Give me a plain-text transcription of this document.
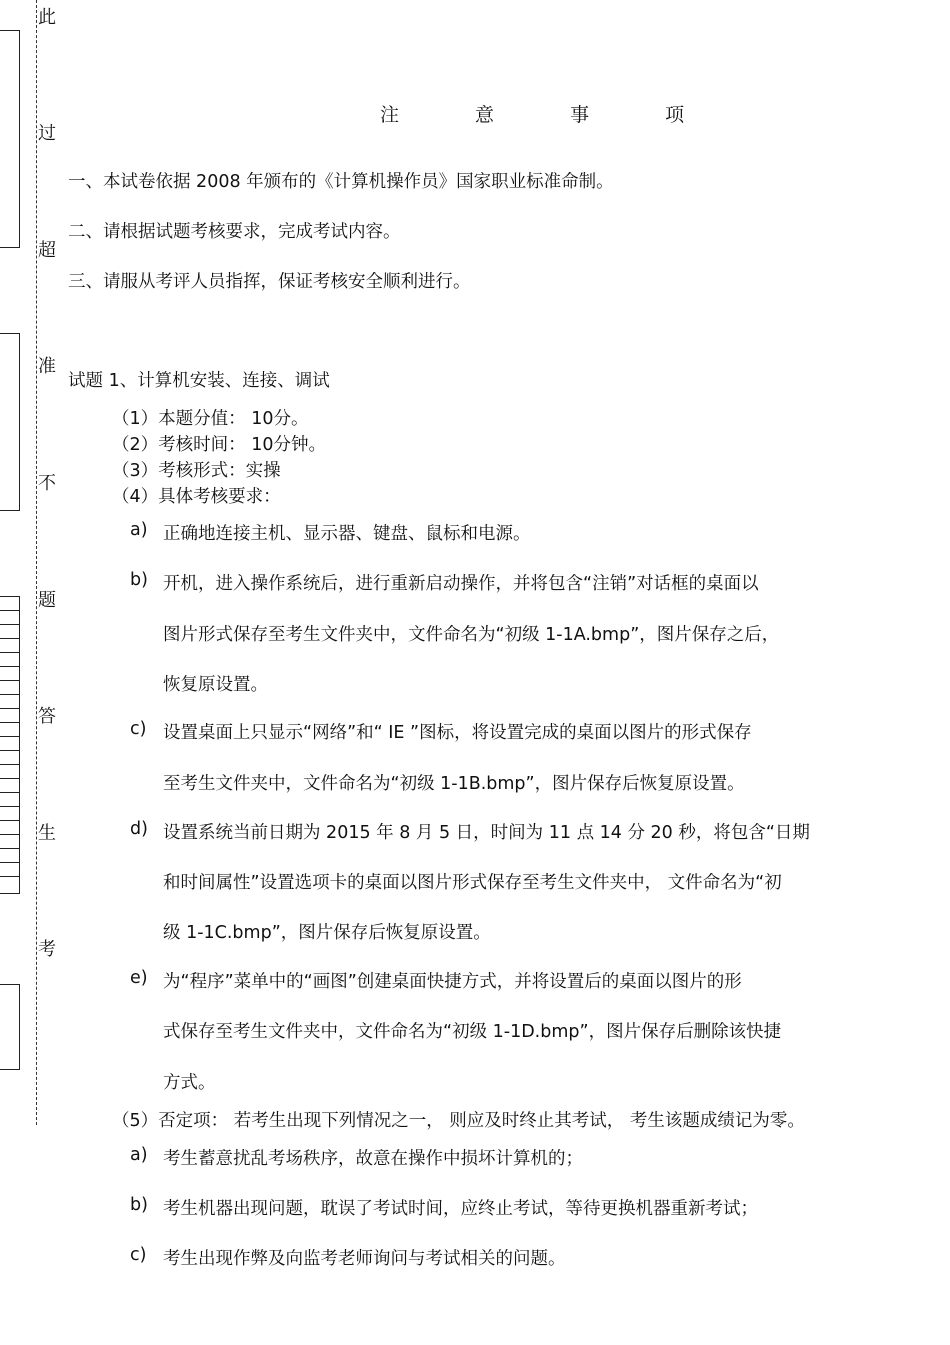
此
过
超
准
不
题
答
生
考
注 意 事 项
一、本试卷依据 2008 年颁布的《计算机操作员》国家职业标准命制。
二、请根据试题考核要求，完成考试内容。
三、请服从考评人员指挥，保证考核安全顺利进行。
试题 1、计算机安装、连接、调试
（1）本题分值： 10分。
（2）考核时间： 10分钟。
（3）考核形式：实操
（4）具体考核要求：
a) 正确地连接主机、显示器、键盘、鼠标和电源。
b) 开机，进入操作系统后，进行重新启动操作，并将包含“注销”对话框的桌面以
图片形式保存至考生文件夹中，文件命名为“初级 1-1A.bmp”，图片保存之后，
恢复原设置。
c) 设置桌面上只显示“网络”和“ IE ”图标，将设置完成的桌面以图片的形式保存
至考生文件夹中，文件命名为“初级 1-1B.bmp”，图片保存后恢复原设置。
d) 设置系统当前日期为 2015 年 8 月 5 日，时间为 11 点 14 分 20 秒，将包含“日期
和时间属性”设置选项卡的桌面以图片形式保存至考生文件夹中， 文件命名为“初
级 1-1C.bmp”，图片保存后恢复原设置。
e) 为“程序”菜单中的“画图”创建桌面快捷方式，并将设置后的桌面以图片的形
式保存至考生文件夹中，文件命名为“初级 1-1D.bmp”，图片保存后删除该快捷
方式。
（5）否定项： 若考生出现下列情况之一， 则应及时终止其考试， 考生该题成绩记为零。
a) 考生蓄意扰乱考场秩序，故意在操作中损坏计算机的；
b) 考生机器出现问题，耽误了考试时间，应终止考试，等待更换机器重新考试；
c) 考生出现作弊及向监考老师询问与考试相关的问题。
